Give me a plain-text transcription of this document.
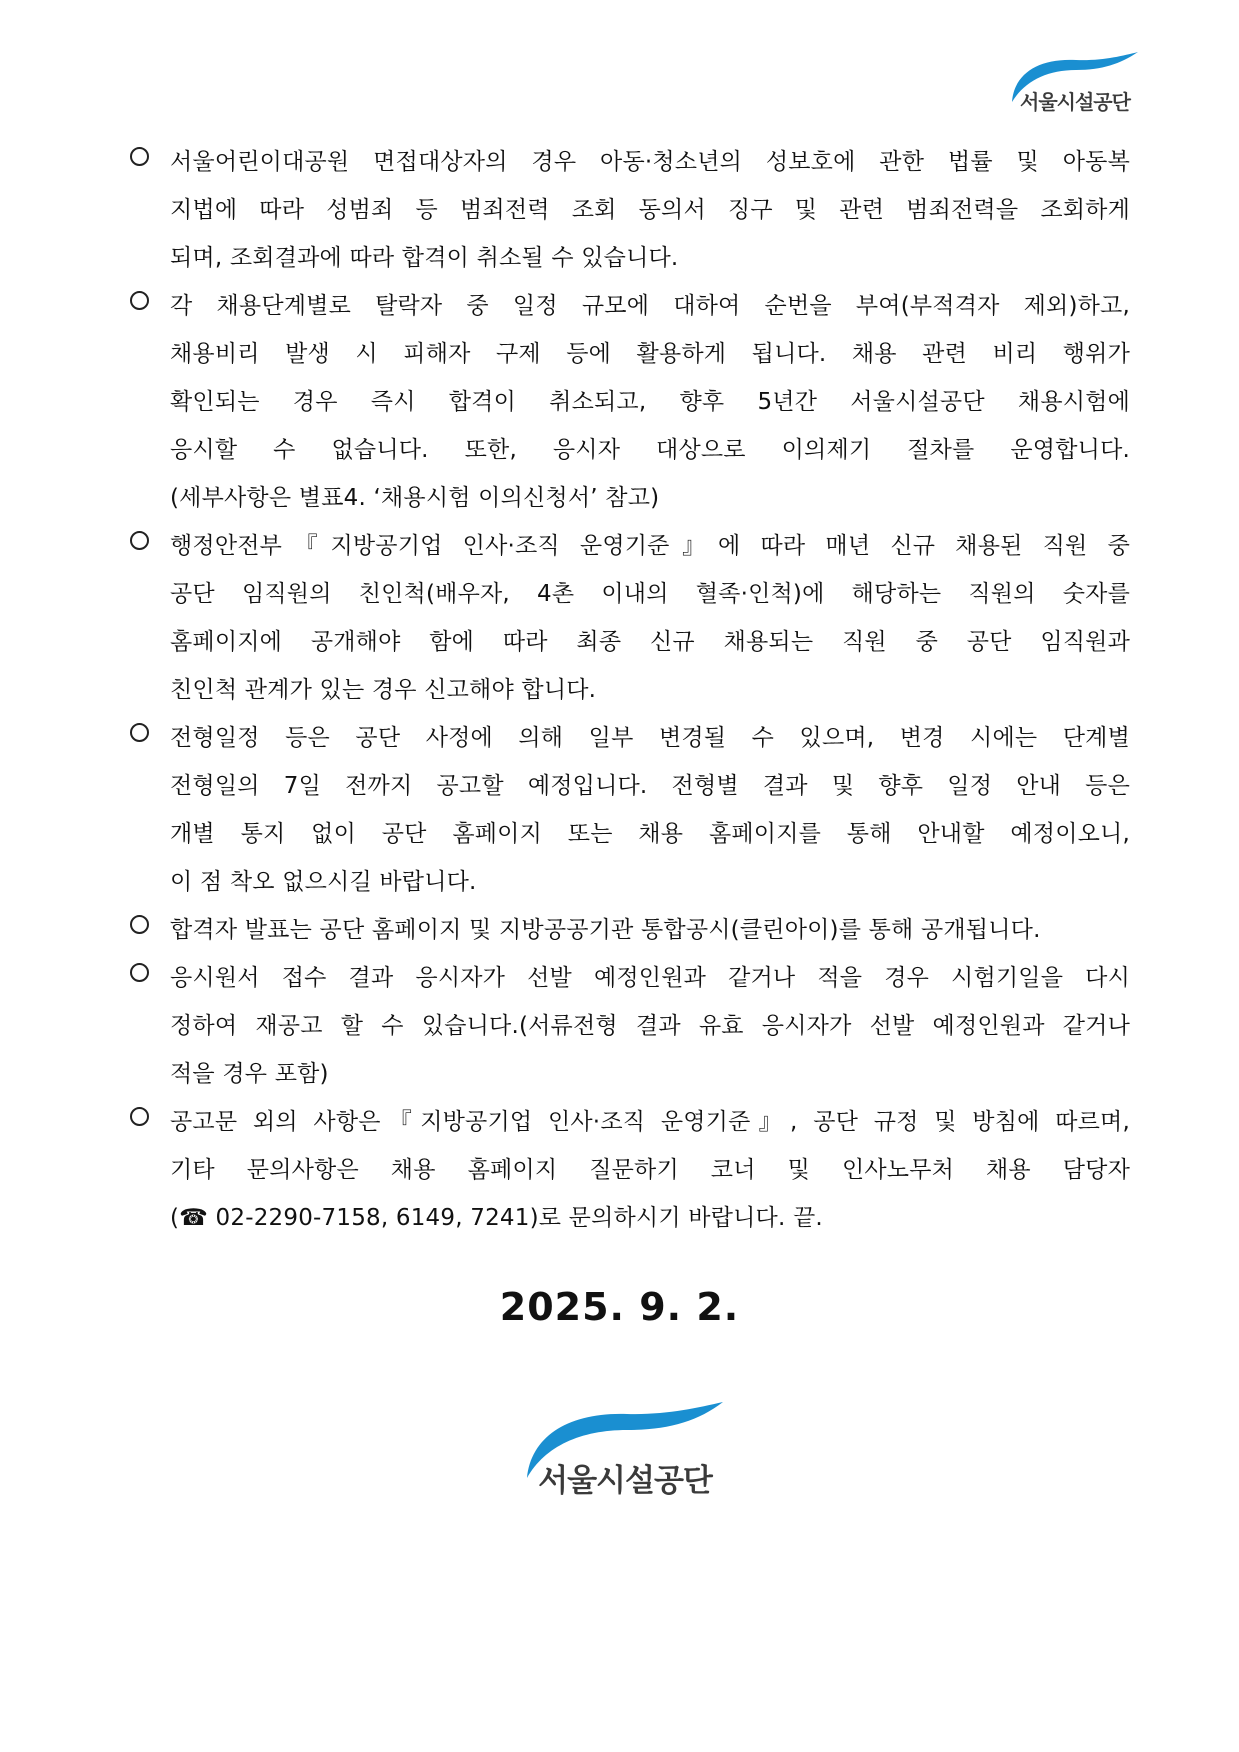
서울시설공단
서울어린이대공원 면접대상자의 경우 아동·청소년의 성보호에 관한 법률 및 아동복
지법에 따라 성범죄 등 범죄전력 조회 동의서 징구 및 관련 범죄전력을 조회하게
되며, 조회결과에 따라 합격이 취소될 수 있습니다.
각 채용단계별로 탈락자 중 일정 규모에 대하여 순번을 부여(부적격자 제외)하고,
채용비리 발생 시 피해자 구제 등에 활용하게 됩니다. 채용 관련 비리 행위가
확인되는 경우 즉시 합격이 취소되고, 향후 5년간 서울시설공단 채용시험에
응시할 수 없습니다. 또한, 응시자 대상으로 이의제기 절차를 운영합니다.
(세부사항은 별표4. ‘채용시험 이의신청서’ 참고)
행정안전부『지방공기업 인사·조직 운영기준』에 따라 매년 신규 채용된 직원 중
공단 임직원의 친인척(배우자, 4촌 이내의 혈족·인척)에 해당하는 직원의 숫자를
홈페이지에 공개해야 함에 따라 최종 신규 채용되는 직원 중 공단 임직원과
친인척 관계가 있는 경우 신고해야 합니다.
전형일정 등은 공단 사정에 의해 일부 변경될 수 있으며, 변경 시에는 단계별
전형일의 7일 전까지 공고할 예정입니다. 전형별 결과 및 향후 일정 안내 등은
개별 통지 없이 공단 홈페이지 또는 채용 홈페이지를 통해 안내할 예정이오니,
이 점 착오 없으시길 바랍니다.
합격자 발표는 공단 홈페이지 및 지방공공기관 통합공시(클린아이)를 통해 공개됩니다.
응시원서 접수 결과 응시자가 선발 예정인원과 같거나 적을 경우 시험기일을 다시
정하여 재공고 할 수 있습니다.(서류전형 결과 유효 응시자가 선발 예정인원과 같거나
적을 경우 포함)
공고문 외의 사항은『지방공기업 인사·조직 운영기준』, 공단 규정 및 방침에 따르며,
기타 문의사항은 채용 홈페이지 질문하기 코너 및 인사노무처 채용 담당자
(☎ 02-2290-7158, 6149, 7241)로 문의하시기 바랍니다. 끝.
2025. 9. 2.
서울시설공단
